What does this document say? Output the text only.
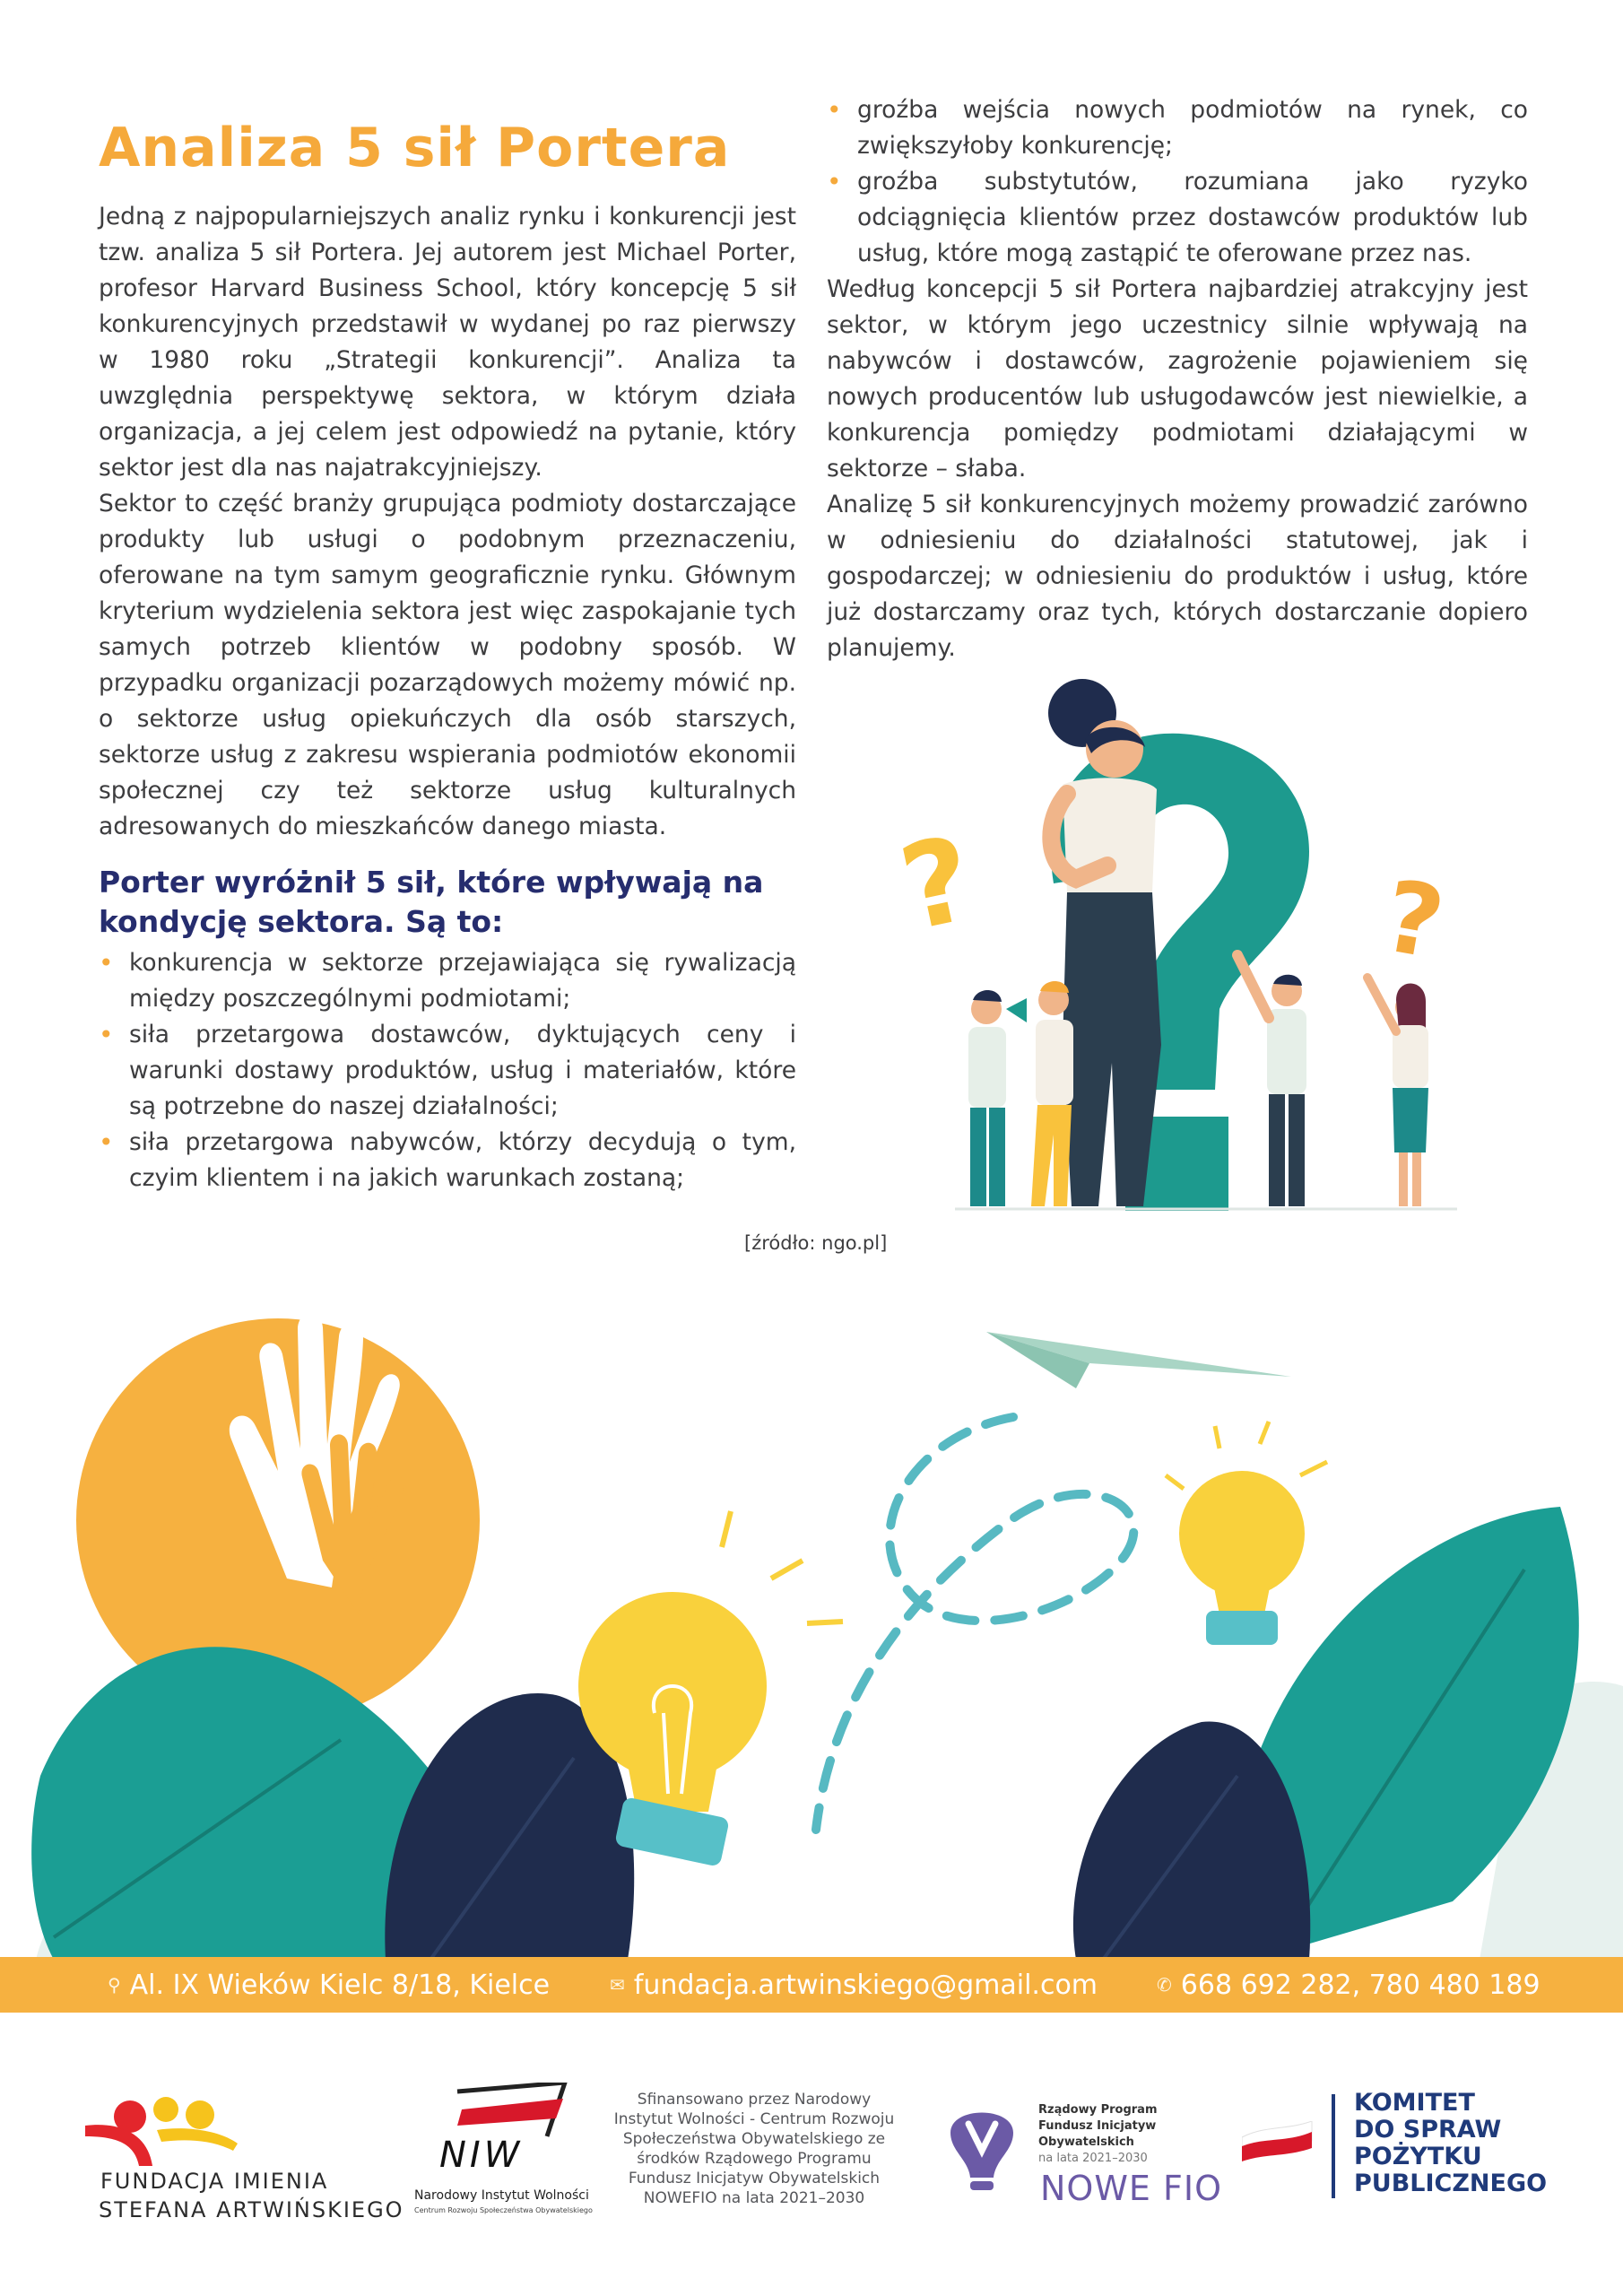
Analiza 5 sił Portera

Jedną z najpopularniejszych analiz rynku i konkurencji jest tzw. analiza 5 sił Portera. Jej autorem jest Michael Porter, profesor Harvard Business School, który koncepcję 5 sił konkurencyjnych przedstawił w wydanej po raz pierwszy w 1980 roku „Strategii konkurencji”. Analiza ta uwzględnia perspektywę sektora, w którym działa organizacja, a jej celem jest odpowiedź na pytanie, który sektor jest dla nas najatrakcyjniejszy.

Sektor to część branży grupująca podmioty dostarczające produkty lub usługi o podobnym przeznaczeniu, oferowane na tym samym geograficznie rynku. Głównym kryterium wydzielenia sektora jest więc zaspokajanie tych samych potrzeb klientów w podobny sposób. W przypadku organizacji pozarządowych możemy mówić np. o sektorze usług opiekuńczych dla osób starszych, sektorze usług z zakresu wspierania podmiotów ekonomii społecznej czy też sektorze usług kulturalnych adresowanych do mieszkańców danego miasta.

Porter wyróżnił 5 sił, które wpływają na kondycję sektora. Są to:

• konkurencja w sektorze przejawiająca się rywalizacją między poszczególnymi podmiotami;
• siła przetargowa dostawców, dyktujących ceny i warunki dostawy produktów, usług i materiałów, które są potrzebne do naszej działalności;
• siła przetargowa nabywców, którzy decydują o tym, czyim klientem i na jakich warunkach zostaną;
• groźba wejścia nowych podmiotów na rynek, co zwiększyłoby konkurencję;
• groźba substytutów, rozumiana jako ryzyko odciągnięcia klientów przez dostawców produktów lub usług, które mogą zastąpić te oferowane przez nas.

Według koncepcji 5 sił Portera najbardziej atrakcyjny jest sektor, w którym jego uczestnicy silnie wpływają na nabywców i dostawców, zagrożenie pojawieniem się nowych producentów lub usługodawców jest niewielkie, a konkurencja pomiędzy podmiotami działającymi w sektorze – słaba.

Analizę 5 sił konkurencyjnych możemy prowadzić zarówno w odniesieniu do działalności statutowej, jak i gospodarczej; w odniesieniu do produktów i usług, które już dostarczamy oraz tych, których dostarczanie dopiero planujemy.

?	?
[źródło: ngo.pl]
⚲ Al. IX Wieków Kielc 8/18, Kielce	✉ fundacja.artwinskiego@gmail.com	✆ 668 692 282, 780 480 189
FUNDACJA IMIENIA
STEFANA ARTWIŃSKIEGO
NIW
Narodowy Instytut Wolności
Centrum Rozwoju Społeczeństwa Obywatelskiego
Sfinansowano przez Narodowy Instytut Wolności - Centrum Rozwoju Społeczeństwa Obywatelskiego ze środków Rządowego Programu Fundusz Inicjatyw Obywatelskich NOWEFIO na lata 2021–2030
Rządowy Program
Fundusz Inicjatyw
Obywatelskich
na lata 2021–2030
NOWE FIO
KOMITET
DO SPRAW
POŻYTKU
PUBLICZNEGO
